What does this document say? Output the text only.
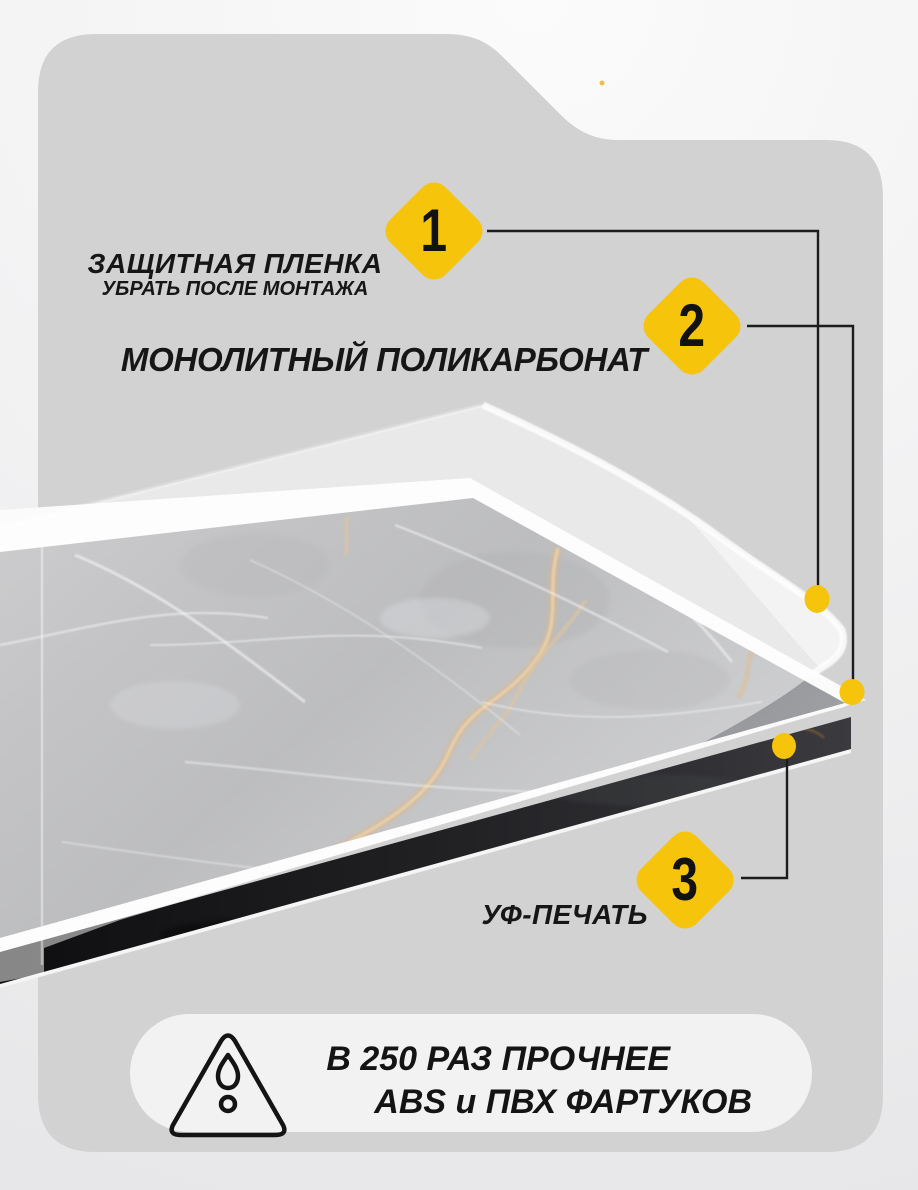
1
2
3
ЗАЩИТНАЯ ПЛЕНКА
УБРАТЬ ПОСЛЕ МОНТАЖА
МОНОЛИТНЫЙ ПОЛИКАРБОНАТ
УФ-ПЕЧАТЬ
В 250 РАЗ ПРОЧНЕЕ
ABS и ПВХ ФАРТУКОВ
